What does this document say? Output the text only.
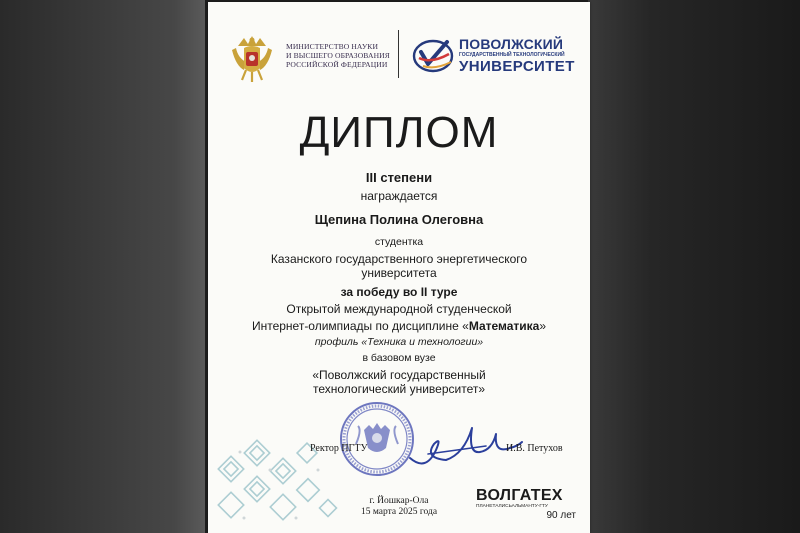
МИНИСТЕРСТВО НАУКИ
И ВЫСШЕГО ОБРАЗОВАНИЯ
РОССИЙСКОЙ ФЕДЕРАЦИИ
ПОВОЛЖСКИЙ
ГОСУДАРСТВЕННЫЙ ТЕХНОЛОГИЧЕСКИЙ
УНИВЕРСИТЕТ
ДИПЛОМ
III степени
награждается
Щепина Полина Олеговна
студентка
Казанского государственного энергетического
университета
за победу во II туре
Открытой международной студенческой
Интернет-олимпиады по дисциплине «Математика»
профиль «Техника и технологии»
в базовом вузе
«Поволжский государственный
технологический университет»
Ректор ПГТУ	И.В. Петухов
г. Йошкар-Ола
15 марта 2025 года
ВОЛГАТЕХ
ПЛАНЕТАЛИСЬАЛЬМАНТУ-ГТУ
90 лет
